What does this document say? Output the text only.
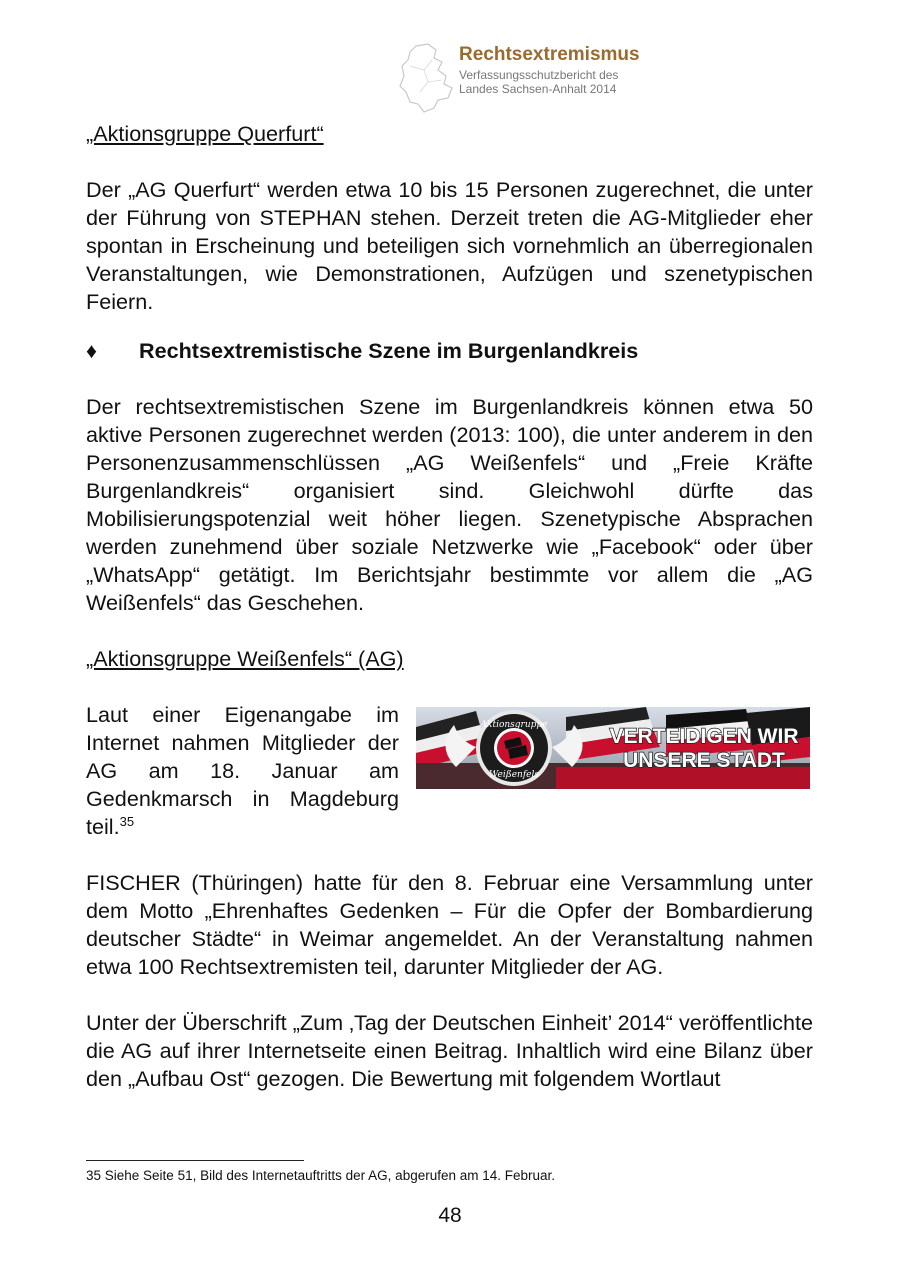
Rechtsextremismus
Verfassungsschutzbericht des
Landes Sachsen-Anhalt 2014

„Aktionsgruppe Querfurt“

Der „AG Querfurt“ werden etwa 10 bis 15 Personen zugerechnet, die unter der Führung von STEPHAN stehen. Derzeit treten die AG-Mitglieder eher spontan in Erscheinung und beteiligen sich vornehmlich an überregionalen Veranstaltungen, wie Demonstrationen, Aufzügen und szenetypischen Feiern.

♦	Rechtsextremistische Szene im Burgenlandkreis

Der rechtsextremistischen Szene im Burgenlandkreis können etwa 50 aktive Personen zugerechnet werden (2013: 100), die unter anderem in den Personenzusammenschlüssen „AG Weißenfels“ und „Freie Kräfte Burgenlandkreis“ organisiert sind. Gleichwohl dürfte das Mobilisierungspotenzial weit höher liegen. Szenetypische Absprachen werden zunehmend über soziale Netzwerke wie „Facebook“ oder über „WhatsApp“ getätigt. Im Berichtsjahr bestimmte vor allem die „AG Weißenfels“ das Geschehen.

„Aktionsgruppe Weißenfels“ (AG)

Laut einer Eigenangabe im Internet nahmen Mitglieder der AG am 18. Januar am Gedenkmarsch in Magdeburg teil.$^{35}$

Aktionsgruppe
Weißenfels
VERTEIDIGEN WIR
UNSERE STADT

FISCHER (Thüringen) hatte für den 8. Februar eine Versammlung unter dem Motto „Ehrenhaftes Gedenken – Für die Opfer der Bombardierung deutscher Städte“ in Weimar angemeldet. An der Veranstaltung nahmen etwa 100 Rechtsextremisten teil, darunter Mitglieder der AG.

Unter der Überschrift „Zum ‚Tag der Deutschen Einheit’ 2014“ veröffentlichte die AG auf ihrer Internetseite einen Beitrag. Inhaltlich wird eine Bilanz über den „Aufbau Ost“ gezogen. Die Bewertung mit folgendem Wortlaut

35 Siehe Seite 51, Bild des Internetauftritts der AG, abgerufen am 14. Februar.
48
